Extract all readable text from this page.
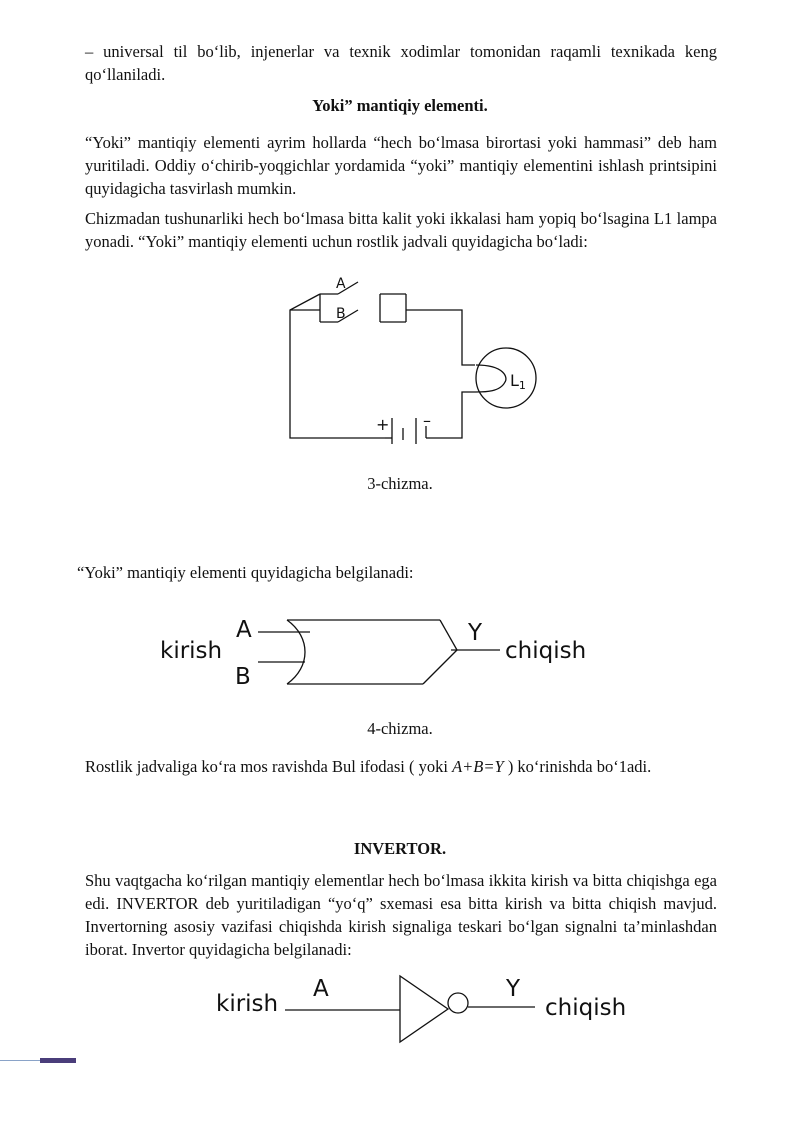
– universal til bo‘lib, injenerlar va texnik xodimlar tomonidan raqamli texnikada keng qo‘llaniladi.

Yoki” mantiqiy elementi.

“Yoki” mantiqiy elementi ayrim hollarda “hech bo‘lmasa birortasi yoki hammasi” deb ham yuritiladi. Oddiy o‘chirib-yoqgichlar yordamida “yoki” mantiqiy elementini ishlash printsipini quyidagicha tasvirlash mumkin.

Chizmadan tushunarliki hech bo‘lmasa bitta kalit yoki ikkalasi ham yopiq bo‘lsagina L1 lampa yonadi. “Yoki” mantiqiy elementi uchun rostlik jadvali quyidagicha bo‘ladi:

A
B
L1
+ –

3-chizma.

“Yoki” mantiqiy elementi quyidagicha belgilanadi:

kirish
A
B
Y
chiqish

4-chizma.

Rostlik jadvaliga ko‘ra mos ravishda Bul ifodasi ( yoki A+B=Y ) ko‘rinishda bo‘1adi.

INVERTOR.

Shu vaqtgacha ko‘rilgan mantiqiy elementlar hech bo‘lmasa ikkita kirish va bitta chiqishga ega edi. INVERTOR deb yuritiladigan “yo‘q” sxemasi esa bitta kirish va bitta chiqish mavjud. Invertorning asosiy vazifasi chiqishda kirish signaliga teskari bo‘lgan signalni ta’minlashdan iborat. Invertor quyidagicha belgilanadi:

kirish
A	Y
chiqish
